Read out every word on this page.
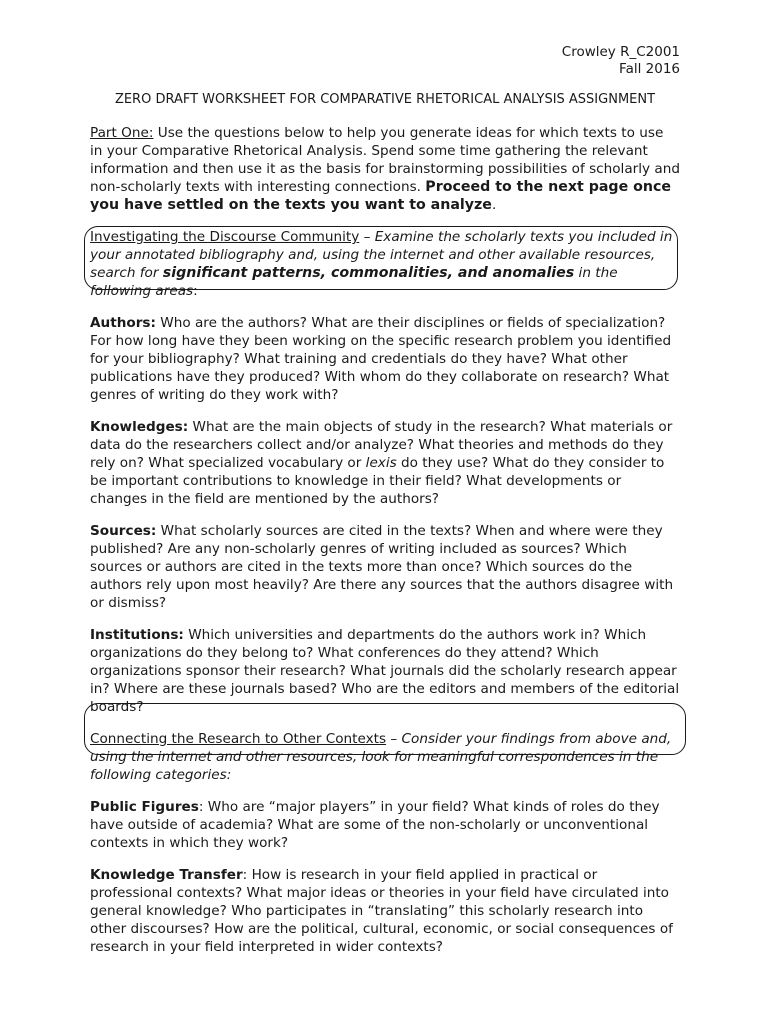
Crowley R_C2001
Fall 2016
ZERO DRAFT WORKSHEET FOR COMPARATIVE RHETORICAL ANALYSIS ASSIGNMENT

Part One: Use the questions below to help you generate ideas for which texts to use in your Comparative Rhetorical Analysis. Spend some time gathering the relevant information and then use it as the basis for brainstorming possibilities of scholarly and non-scholarly texts with interesting connections. Proceed to the next page once you have settled on the texts you want to analyze.

Investigating the Discourse Community – Examine the scholarly texts you included in your annotated bibliography and, using the internet and other available resources, search for significant patterns, commonalities, and anomalies in the following areas:

Authors: Who are the authors? What are their disciplines or fields of specialization? For how long have they been working on the specific research problem you identified for your bibliography? What training and credentials do they have? What other publications have they produced? With whom do they collaborate on research? What genres of writing do they work with?

Knowledges: What are the main objects of study in the research? What materials or data do the researchers collect and/or analyze? What theories and methods do they rely on? What specialized vocabulary or lexis do they use? What do they consider to be important contributions to knowledge in their field? What developments or changes in the field are mentioned by the authors?

Sources: What scholarly sources are cited in the texts? When and where were they published? Are any non-scholarly genres of writing included as sources? Which sources or authors are cited in the texts more than once? Which sources do the authors rely upon most heavily? Are there any sources that the authors disagree with or dismiss?

Institutions: Which universities and departments do the authors work in? Which organizations do they belong to? What conferences do they attend? Which organizations sponsor their research? What journals did the scholarly research appear in? Where are these journals based? Who are the editors and members of the editorial boards?

Connecting the Research to Other Contexts – Consider your findings from above and, using the internet and other resources, look for meaningful correspondences in the following categories:

Public Figures: Who are “major players” in your field? What kinds of roles do they have outside of academia? What are some of the non-scholarly or unconventional contexts in which they work?

Knowledge Transfer: How is research in your field applied in practical or professional contexts? What major ideas or theories in your field have circulated into general knowledge? Who participates in “translating” this scholarly research into other discourses? How are the political, cultural, economic, or social consequences of research in your field interpreted in wider contexts?
